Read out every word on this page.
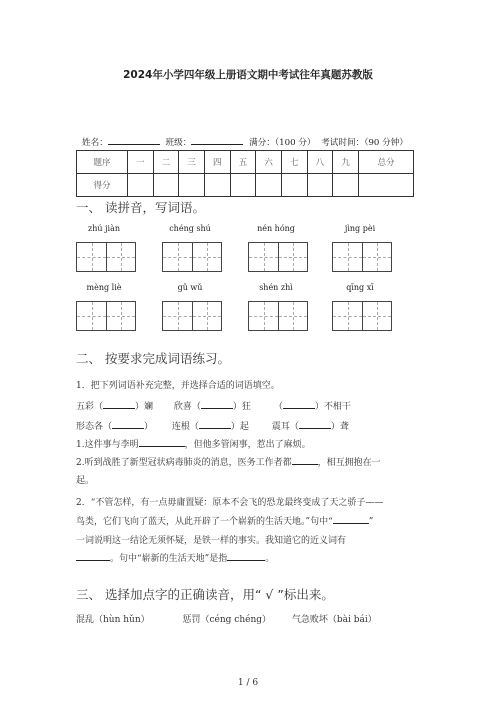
2024年小学四年级上册语文期中考试往年真题苏教版
姓名：	班级：	满分：（100 分） 考试时间：（90 分钟）
题序	一	二	三	四	五	六	七	八	九	总分
得分										
一、 读拼音，写词语。
zhú jiàn	chéng shú	nén hóng	jìng pèi
mèng liè	gǔ wǔ	shén zhì	qīng xī
二、 按要求完成词语练习。
1．把下列词语补充完整，并选择合适的词语填空。
五彩（	）斓 欣喜（	）狂	（	）不相干
形态各（	） 连根（	）起	震耳（	）聋
1.这件事与李明	，但他多管闲事，惹出了麻烦。
2.听到战胜了新型冠状病毒肺炎的消息，医务工作者都	，相互拥抱在一
起。
2．“不管怎样，有一点毋庸置疑：原本不会飞的恐龙最终变成了天之骄子——
鸟类，它们飞向了蓝天，从此开辟了一个崭新的生活天地。”句中“	”
一词说明这一结论无须怀疑，是铁一样的事实。我知道它的近义词有
。句中“崭新的生活天地”是指	。
三、 选择加点字的正确读音，用“ √ ”标出来。
混乱（hùn hǔn）	惩罚（céng chéng） 气急败坏（bài bái）
1 / 6
